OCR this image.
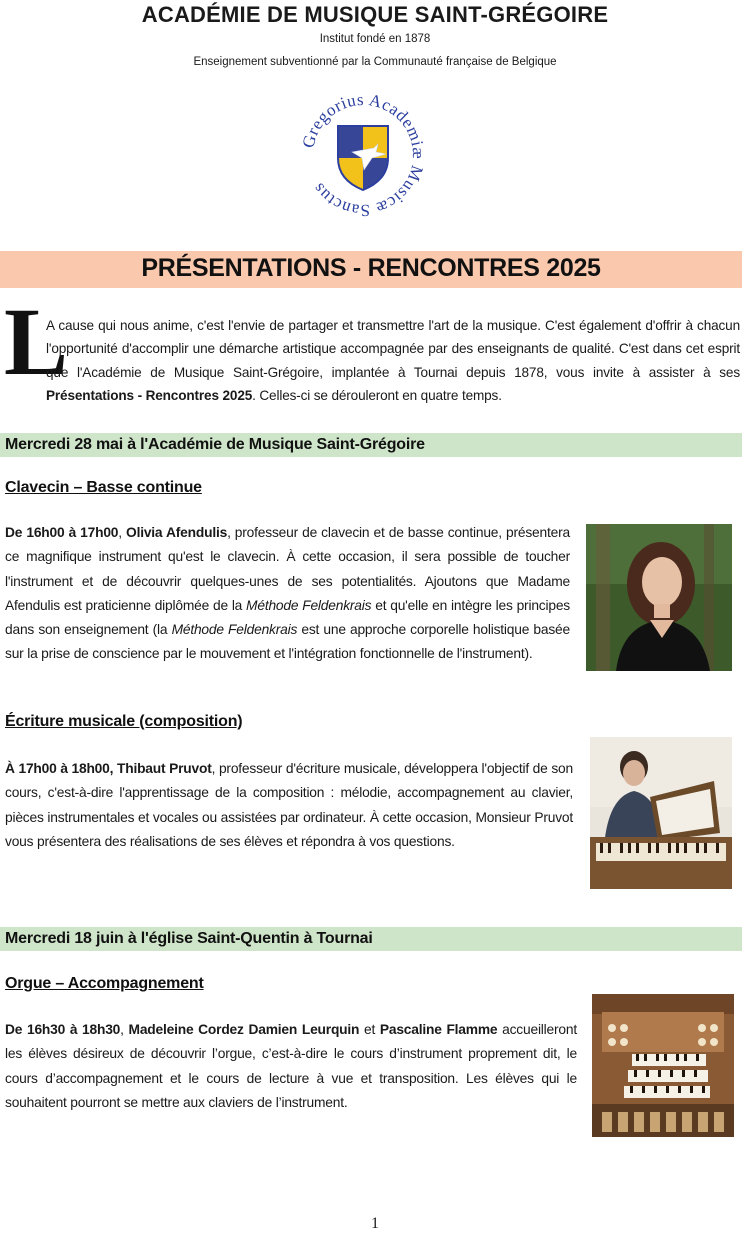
ACADÉMIE DE MUSIQUE SAINT-GRÉGOIRE
Institut fondé en 1878
Enseignement subventionné par la Communauté française de Belgique
Gregorius Academi Musicæ Sanctus
PRÉSENTATIONS - RENCONTRES 2025
L
A cause qui nous anime, c'est l'envie de partager et transmettre l'art de la musique. C'est également d'offrir à chacun l'opportunité d'accomplir une démarche artistique accompagnée par des enseignants de qualité. C'est dans cet esprit que l'Académie de Musique Saint-Grégoire, implantée à Tournai depuis 1878, vous invite à assister à ses Présentations - Rencontres 2025. Celles-ci se dérouleront en quatre temps.
Mercredi 28 mai à l'Académie de Musique Saint-Grégoire
Clavecin – Basse continue
De 16h00 à 17h00, Olivia Afendulis, professeur de clavecin et de basse continue, présentera ce magnifique instrument qu'est le clavecin. À cette occasion, il sera possible de toucher l'instrument et de découvrir quelques-unes de ses potentialités. Ajoutons que Madame Afendulis est praticienne diplômée de la Méthode Feldenkrais et qu'elle en intègre les principes dans son enseignement (la Méthode Feldenkrais est une approche corporelle holistique basée sur la prise de conscience par le mouvement et l'intégration fonctionnelle de l'instrument).
Écriture musicale (composition)
À 17h00 à 18h00, Thibaut Pruvot, professeur d'écriture musicale, développera l'objectif de son cours, c'est-à-dire l'apprentissage de la composition : mélodie, accompagnement au clavier, pièces instrumentales et vocales ou assistées par ordinateur. À cette occasion, Monsieur Pruvot vous présentera des réalisations de ses élèves et répondra à vos questions.
Mercredi 18 juin à l'église Saint-Quentin à Tournai
Orgue – Accompagnement
De 16h30 à 18h30, Madeleine Cordez Damien Leurquin et Pascaline Flamme accueilleront les élèves désireux de découvrir l’orgue, c’est-à-dire le cours d’instrument proprement dit, le cours d’accompagnement et le cours de lecture à vue et transposition. Les élèves qui le souhaitent pourront se mettre aux claviers de l’instrument.
1
